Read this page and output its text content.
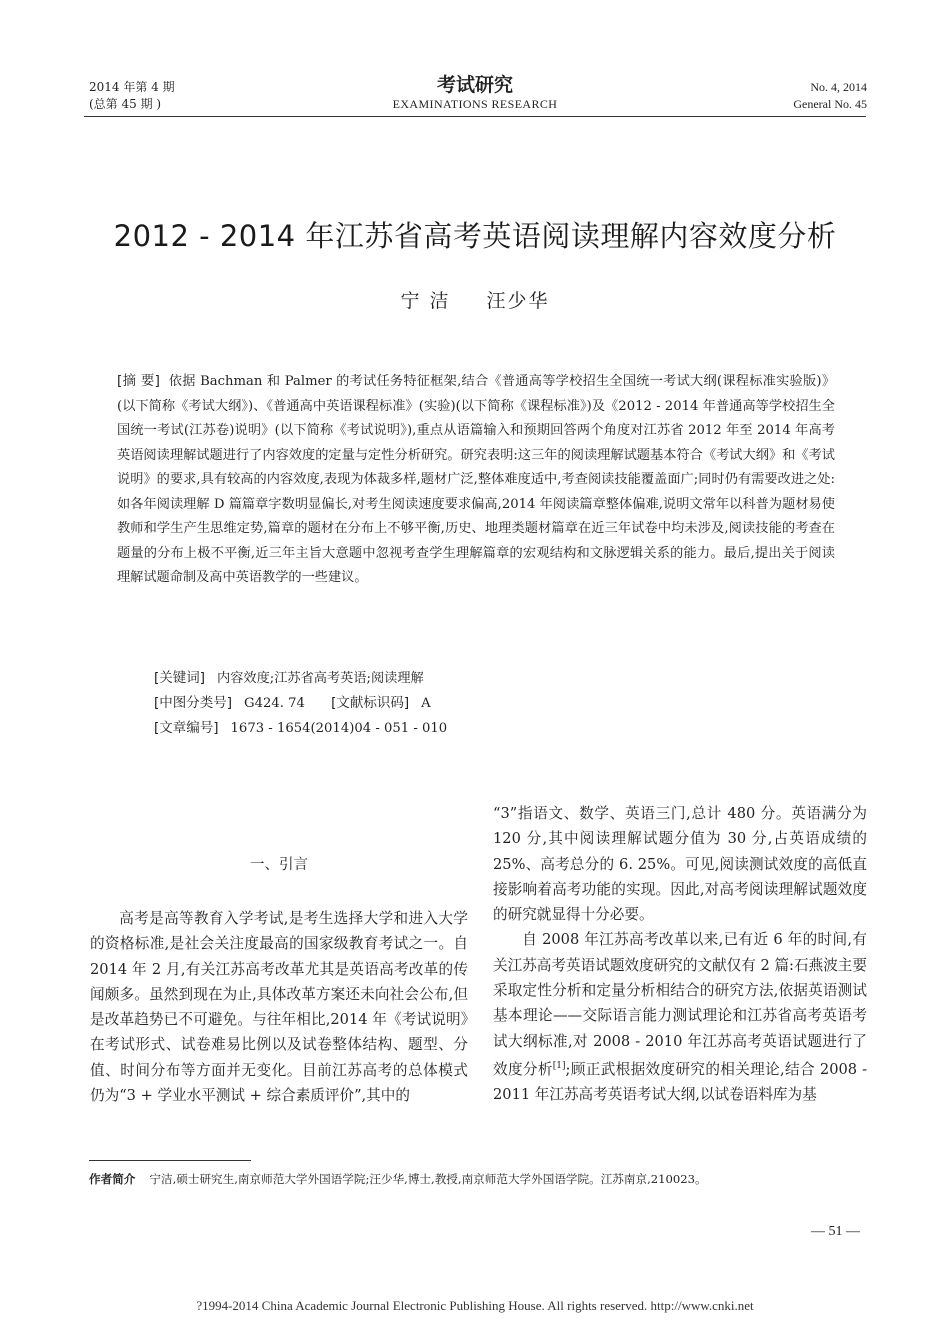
2014 年第 4 期
(总第 45 期 )
考试研究
EXAMINATIONS RESEARCH
No. 4, 2014
General No. 45
2012 - 2014 年江苏省高考英语阅读理解内容效度分析
宁 洁 汪少华
[摘 要] 依据 Bachman 和 Palmer 的考试任务特征框架,结合《普通高等学校招生全国统一考试大纲(课程标准实验版)》(以下简称《考试大纲》)、《普通高中英语课程标准》(实验)(以下简称《课程标准》)及《2012 - 2014 年普通高等学校招生全国统一考试(江苏卷)说明》(以下简称《考试说明》),重点从语篇输入和预期回答两个角度对江苏省 2012 年至 2014 年高考英语阅读理解试题进行了内容效度的定量与定性分析研究。研究表明:这三年的阅读理解试题基本符合《考试大纲》和《考试说明》的要求,具有较高的内容效度,表现为体裁多样,题材广泛,整体难度适中,考查阅读技能覆盖面广;同时仍有需要改进之处:如各年阅读理解 D 篇篇章字数明显偏长,对考生阅读速度要求偏高,2014 年阅读篇章整体偏难,说明文常年以科普为题材易使教师和学生产生思维定势,篇章的题材在分布上不够平衡,历史、地理类题材篇章在近三年试卷中均未涉及,阅读技能的考查在题量的分布上极不平衡,近三年主旨大意题中忽视考查学生理解篇章的宏观结构和文脉逻辑关系的能力。最后,提出关于阅读理解试题命制及高中英语教学的一些建议。
[关键词] 内容效度;江苏省高考英语;阅读理解
[中图分类号] G424. 74 [文献标识码] A
[文章编号] 1673 - 1654(2014)04 - 051 - 010
一、引言

高考是高等教育入学考试,是考生选择大学和进入大学的资格标准,是社会关注度最高的国家级教育考试之一。自 2014 年 2 月,有关江苏高考改革尤其是英语高考改革的传闻颇多。虽然到现在为止,具体改革方案还未向社会公布,但是改革趋势已不可避免。与往年相比,2014 年《考试说明》在考试形式、试卷难易比例以及试卷整体结构、题型、分值、时间分布等方面并无变化。目前江苏高考的总体模式仍为“3 + 学业水平测试 + 综合素质评价”,其中的

“3”指语文、数学、英语三门,总计 480 分。英语满分为 120 分,其中阅读理解试题分值为 30 分,占英语成绩的 25%、高考总分的 6. 25%。可见,阅读测试效度的高低直接影响着高考功能的实现。因此,对高考阅读理解试题效度的研究就显得十分必要。

自 2008 年江苏高考改革以来,已有近 6 年的时间,有关江苏高考英语试题效度研究的文献仅有 2 篇:石燕波主要采取定性分析和定量分析相结合的研究方法,依据英语测试基本理论——交际语言能力测试理论和江苏省高考英语考试大纲标准,对 2008 - 2010 年江苏高考英语试题进行了效度分析[1];顾正武根据效度研究的相关理论,结合 2008 - 2011 年江苏高考英语考试大纲,以试卷语料库为基

作者简介 宁洁,硕士研究生,南京师范大学外国语学院;汪少华,博士,教授,南京师范大学外国语学院。江苏南京,210023。
— 51 —
?1994-2014 China Academic Journal Electronic Publishing House. All rights reserved. http://www.cnki.net
